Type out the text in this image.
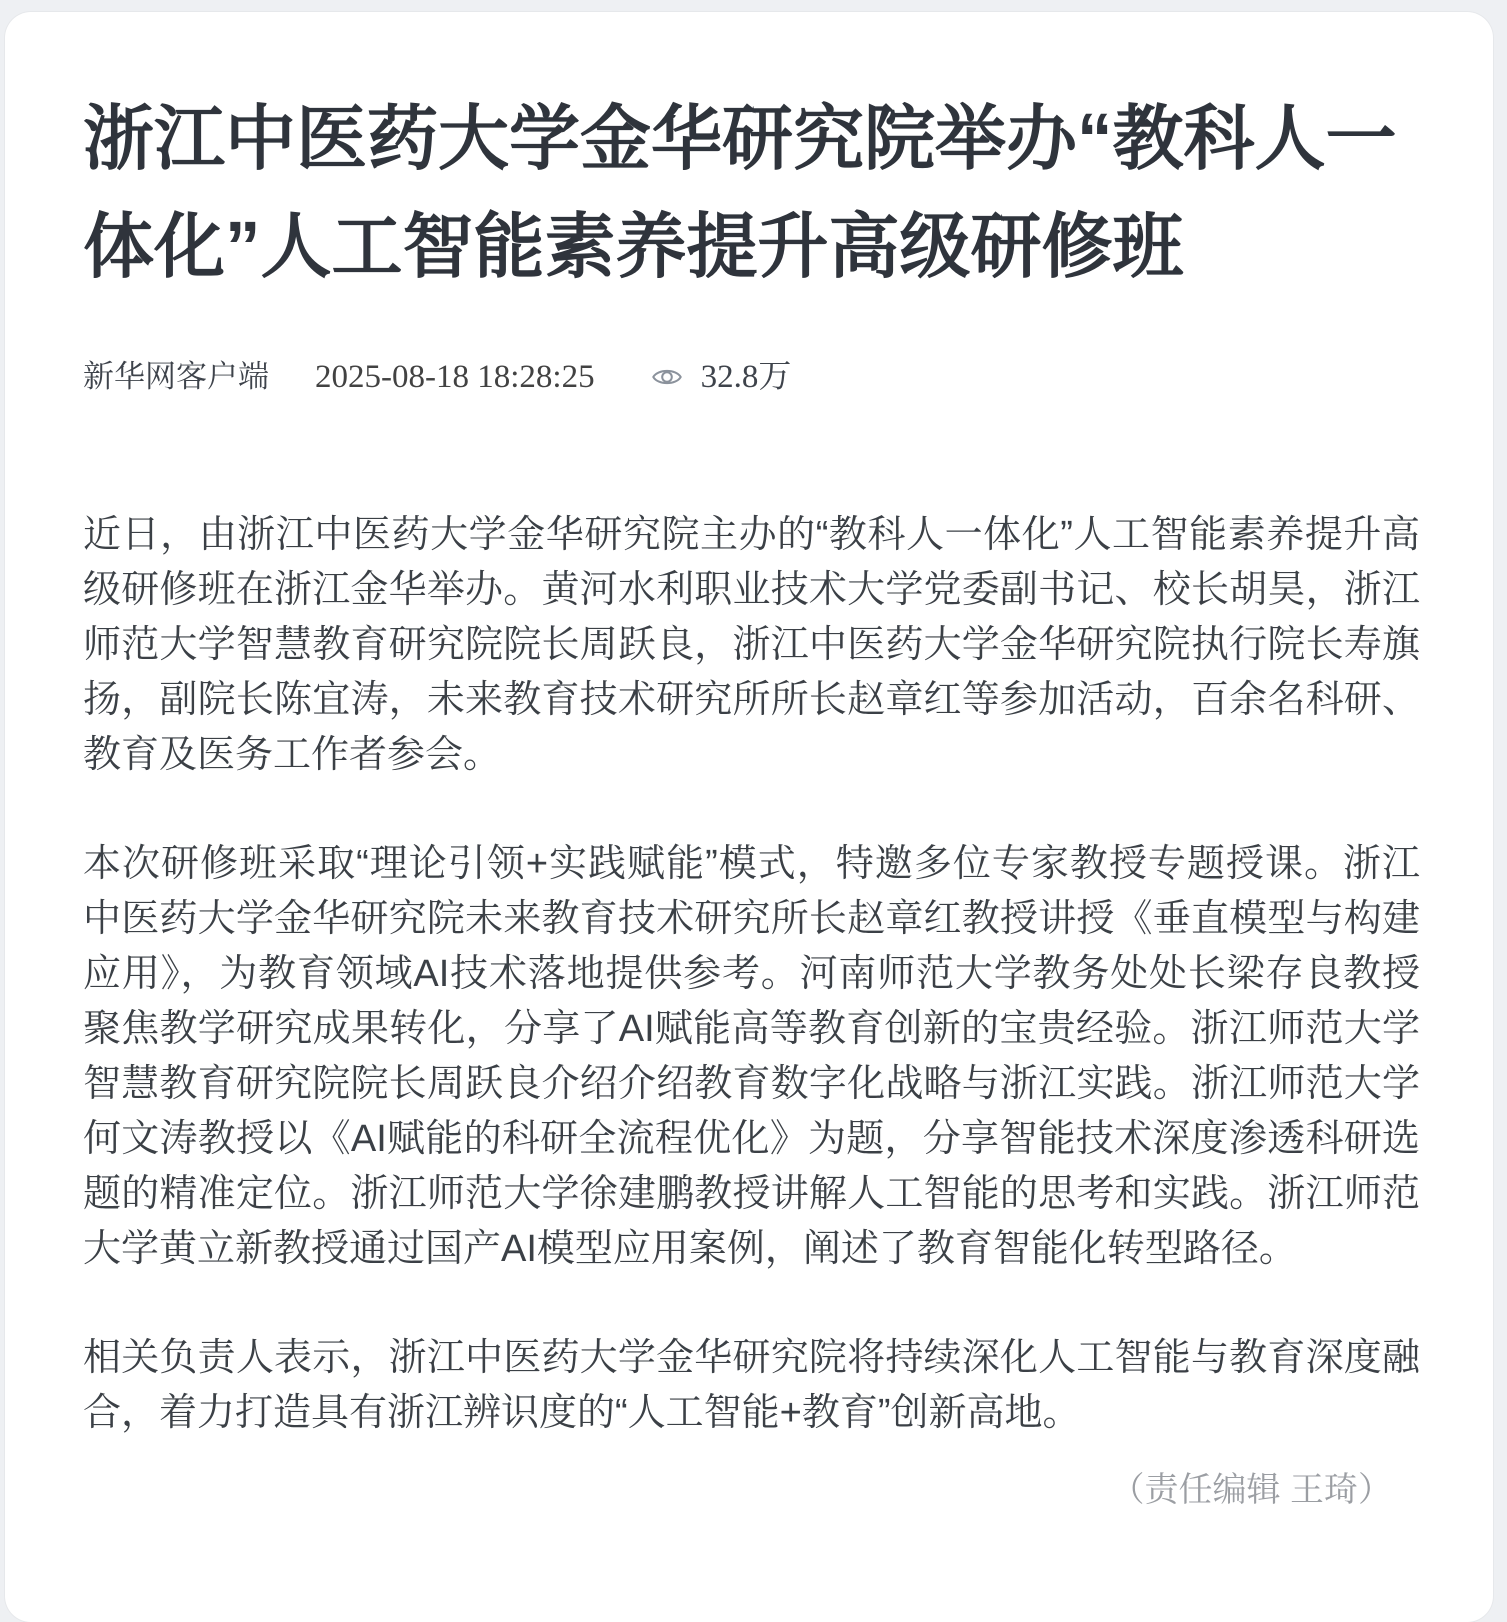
浙江中医药大学金华研究院举办“教科人一体化”人工智能素养提升高级研修班
新华网客户端 2025-08-18 18:28:25	32.8万

近日，由浙江中医药大学金华研究院主办的“教科人一体化”人工智能素养提升高级研修班在浙江金华举办。黄河水利职业技术大学党委副书记、校长胡昊，浙江师范大学智慧教育研究院院长周跃良，浙江中医药大学金华研究院执行院长寿旗扬，副院长陈宜涛，未来教育技术研究所所长赵章红等参加活动，百余名科研、教育及医务工作者参会。

本次研修班采取“理论引领+实践赋能”模式，特邀多位专家教授专题授课。浙江中医药大学金华研究院未来教育技术研究所长赵章红教授讲授《垂直模型与构建应用》，为教育领域AI技术落地提供参考。河南师范大学教务处处长梁存良教授聚焦教学研究成果转化，分享了AI赋能高等教育创新的宝贵经验。浙江师范大学智慧教育研究院院长周跃良介绍介绍教育数字化战略与浙江实践。浙江师范大学何文涛教授以《AI赋能的科研全流程优化》为题，分享智能技术深度渗透科研选题的精准定位。浙江师范大学徐建鹏教授讲解人工智能的思考和实践。浙江师范大学黄立新教授通过国产AI模型应用案例，阐述了教育智能化转型路径。

相关负责人表示，浙江中医药大学金华研究院将持续深化人工智能与教育深度融合，着力打造具有浙江辨识度的“人工智能+教育”创新高地。

（责任编辑 王琦）
